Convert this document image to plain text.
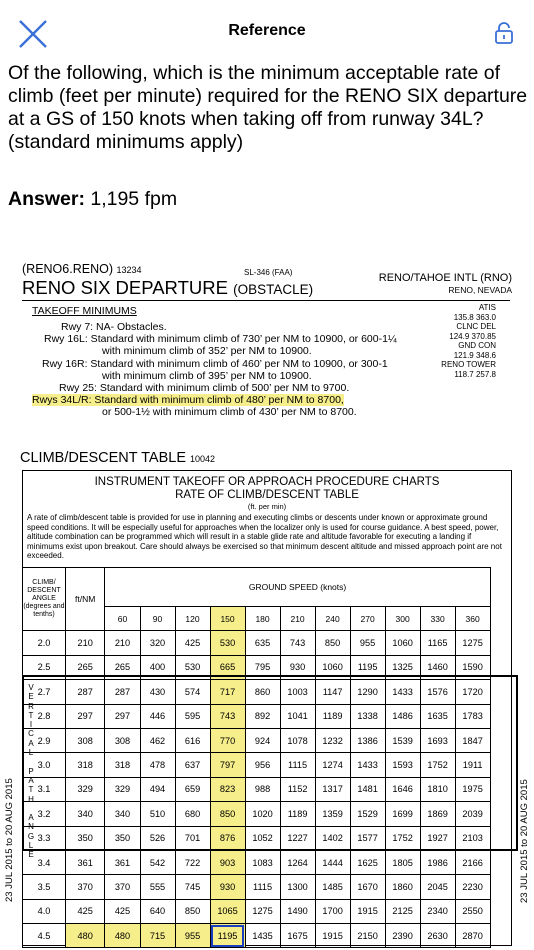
Reference
Of the following, which is the minimum acceptable rate of climb (feet per minute) required for the RENO SIX departure at a GS of 150 knots when taking off from runway 34L? (standard minimums apply)
Answer: 1,195 fpm
(RENO6.RENO) 13234	SL-346 (FAA)	RENO/TAHOE INTL (RNO)
RENO, NEVADA
RENO SIX DEPARTURE (OBSTACLE)
TAKEOFF MINIMUMS
Rwy 7: NA- Obstacles.
Rwy 16L: Standard with minimum climb of 730’ per NM to 10900, or 600-1¼
with minimum climb of 352’ per NM to 10900.
Rwy 16R: Standard with minimum climb of 460’ per NM to 10900, or 300-1
with minimum climb of 395’ per NM to 10900.
Rwy 25: Standard with minimum climb of 500’ per NM to 9700.
Rwys 34L/R: Standard with minimum climb of 480’ per NM to 8700,
or 500-1½ with minimum climb of 430’ per NM to 8700.
ATIS
135.8 363.0
CLNC DEL
124.9 370.85
GND CON
121.9 348.6
RENO TOWER
118.7 257.8
CLIMB/DESCENT TABLE 10042
INSTRUMENT TAKEOFF OR APPROACH PROCEDURE CHARTS
RATE OF CLIMB/DESCENT TABLE
(ft. per min)
A rate of climb/descent table is provided for use in planning and executing climbs or descents under known or approximate ground speed conditions. It will be especially useful for approaches when the localizer only is used for course guidance. A best speed, power, altitude combination can be programmed which will result in a stable glide rate and altitude favorable for executing a landing if minimums exist upon breakout. Care should always be exercised so that minimum descent altitude and missed approach point are not exceeded.
CLIMB/ DESCENT ANGLE (degrees and tenths)	ft/NM	GROUND SPEED (knots)										
		60	90	120	150	180	210	240	270	300	330	360
2.0	210	210	320	425	530	635	743	850	955	1060	1165	1275
2.5	265	265	400	530	665	795	930	1060	1195	1325	1460	1590
2.7	287	287	430	574	717	860	1003	1147	1290	1433	1576	1720
2.8	297	297	446	595	743	892	1041	1189	1338	1486	1635	1783
2.9	308	308	462	616	770	924	1078	1232	1386	1539	1693	1847
3.0	318	318	478	637	797	956	1115	1274	1433	1593	1752	1911
3.1	329	329	494	659	823	988	1152	1317	1481	1646	1810	1975
3.2	340	340	510	680	850	1020	1189	1359	1529	1699	1869	2039
3.3	350	350	526	701	876	1052	1227	1402	1577	1752	1927	2103
3.4	361	361	542	722	903	1083	1264	1444	1625	1805	1986	2166
3.5	370	370	555	745	930	1115	1300	1485	1670	1860	2045	2230
4.0	425	425	640	850	1065	1275	1490	1700	1915	2125	2340	2550
4.5	480	480	715	955	1195	1435	1675	1915	2150	2390	2630	2870
V
E
R
T
I
C
A
L

P
A
T
H

A
N
G
L
E
23 JUL 2015 to 20 AUG 2015	23 JUL 2015 to 20 AUG 2015
